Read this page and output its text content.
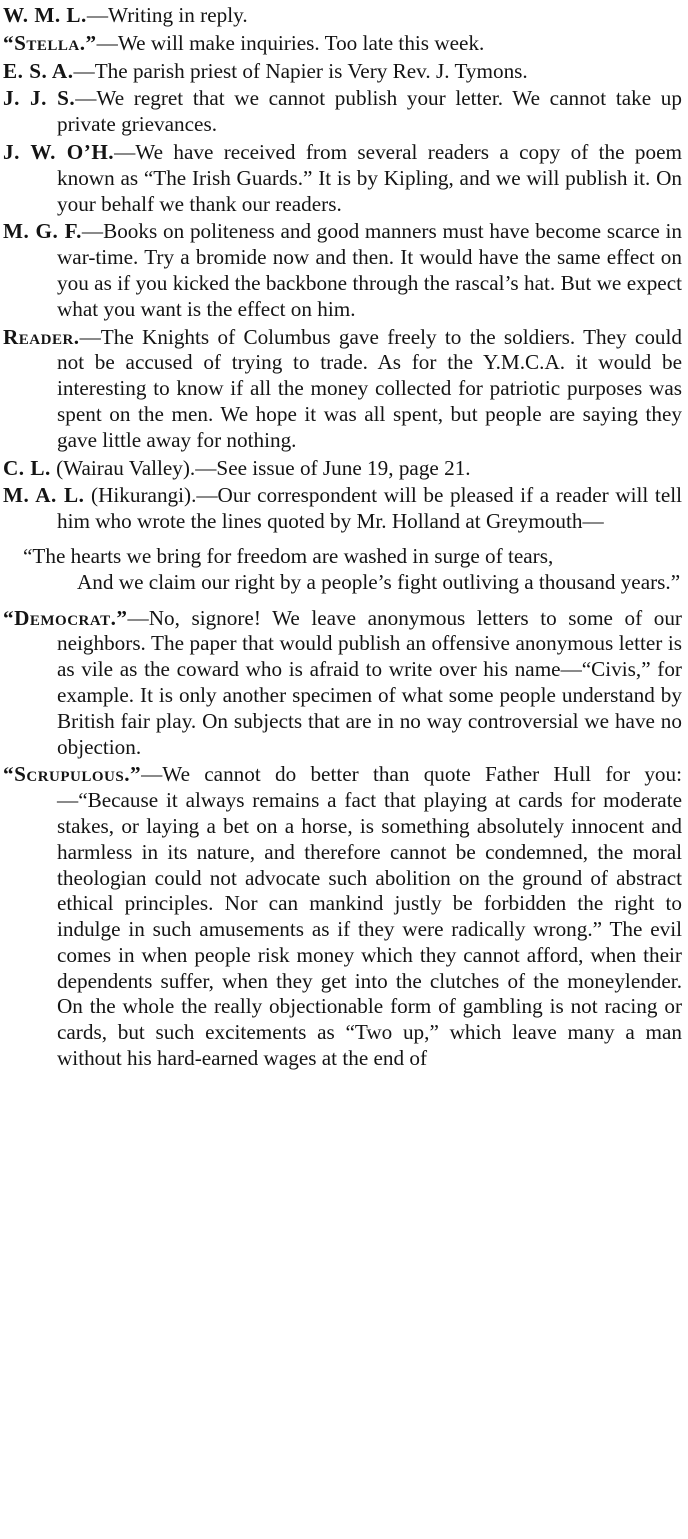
W. M. L.—Writing in reply.

“Stella.”—We will make inquiries. Too late this week.

E. S. A.—The parish priest of Napier is Very Rev. J. Tymons.

J. J. S.—We regret that we cannot publish your letter. We cannot take up private grievances.

J. W. O’H.—We have received from several readers a copy of the poem known as “The Irish Guards.” It is by Kipling, and we will publish it. On your behalf we thank our readers.

M. G. F.—Books on politeness and good manners must have become scarce in war-time. Try a bromide now and then. It would have the same effect on you as if you kicked the backbone through the rascal’s hat. But we expect what you want is the effect on him.

Reader.—The Knights of Columbus gave freely to the soldiers. They could not be accused of trying to trade. As for the Y.M.C.A. it would be interesting to know if all the money collected for patriotic purposes was spent on the men. We hope it was all spent, but people are saying they gave little away for nothing.

C. L. (Wairau Valley).—See issue of June 19, page 21.

M. A. L. (Hikurangi).—Our correspondent will be pleased if a reader will tell him who wrote the lines quoted by Mr. Holland at Greymouth—

“The hearts we bring for freedom are washed in surge of tears,
And we claim our right by a people’s fight outliving a thousand years.”

“Democrat.”—No, signore! We leave anonymous letters to some of our neighbors. The paper that would publish an offensive anonymous letter is as vile as the coward who is afraid to write over his name—“Civis,” for example. It is only another specimen of what some people understand by British fair play. On subjects that are in no way controversial we have no objection.

“Scrupulous.”—We cannot do better than quote Father Hull for you:—“Because it always remains a fact that playing at cards for moderate stakes, or laying a bet on a horse, is something absolutely innocent and harmless in its nature, and therefore cannot be condemned, the moral theologian could not advocate such abolition on the ground of abstract ethical principles. Nor can mankind justly be forbidden the right to indulge in such amusements as if they were radically wrong.” The evil comes in when people risk money which they cannot afford, when their dependents suffer, when they get into the clutches of the moneylender. On the whole the really objectionable form of gambling is not racing or cards, but such excitements as “Two up,” which leave many a man without his hard-earned wages at the end of
